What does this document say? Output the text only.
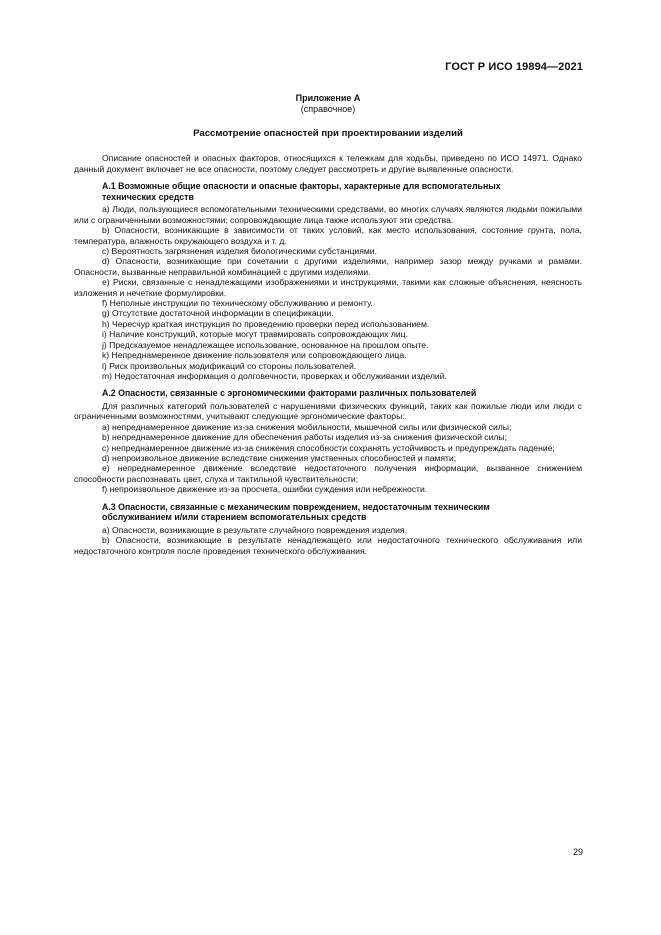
ГОСТ Р ИСО 19894—2021
Приложение А
(справочное)
Рассмотрение опасностей при проектировании изделий

Описание опасностей и опасных факторов, относящихся к тележкам для ходьбы, приведено по ИСО 14971. Однако данный документ включает не все опасности, поэтому следует рассмотреть и другие выявленные опасности.

А.1 Возможные общие опасности и опасные факторы, характерные для вспомогательных
технических средств

а) Люди, пользующиеся вспомогательными техническими средствами, во многих случаях являются людьми пожилыми или с ограниченными возможностями; сопровождающие лица также используют эти средства.

b) Опасности, возникающие в зависимости от таких условий, как место использования, состояние грунта, пола, температура, влажность окружающего воздуха и т. д.

c) Вероятность загрязнения изделия биологическими субстанциями.

d) Опасности, возникающие при сочетании с другими изделиями, например зазор между ручками и рамами. Опасности, вызванные неправильной комбинацией с другими изделиями.

е) Риски, связанные с ненадлежащими изображениями и инструкциями, такими как сложные объяснения, неясность изложения и нечеткие формулировки.

f) Неполные инструкции по техническому обслуживанию и ремонту.

g) Отсутствие достаточной информации в спецификации.

h) Чересчур краткая инструкция по проведению проверки перед использованием.

i) Наличие конструкций, которые могут травмировать сопровождающих лиц.

j) Предсказуемое ненадлежащее использование, основанное на прошлом опыте.

k) Непреднамеренное движение пользователя или сопровождающего лица.

l) Риск произвольных модификаций со стороны пользователей.

m) Недостаточная информация о долговечности, проверках и обслуживании изделий.

А.2 Опасности, связанные с эргономическими факторами различных пользователей

Для различных категорий пользователей с нарушениями физических функций, таких как пожилые люди или люди с ограниченными возможностями, учитывают следующие эргономические факторы:

а) непреднамеренное движение из-за снижения мобильности, мышечной силы или физической силы;

b) непреднамеренное движение для обеспечения работы изделия из-за снижения физической силы;

c) непреднамеренное движение из-за снижения способности сохранять устойчивость и предупреждать падение;

d) непроизвольное движение вследствие снижения умственных способностей и памяти;

е) непреднамеренное движение вследствие недостаточного получения информации, вызванное снижением способности распознавать цвет, слуха и тактильной чувствительности;

f) непроизвольное движение из-за просчета, ошибки суждения или небрежности.

А.3 Опасности, связанные с механическим повреждением, недостаточным техническим
обслуживанием и/или старением вспомогательных средств

а) Опасности, возникающие в результате случайного повреждения изделия.

b) Опасности, возникающие в результате ненадлежащего или недостаточного технического обслуживания или недостаточного контроля после проведения технического обслуживания.

29
